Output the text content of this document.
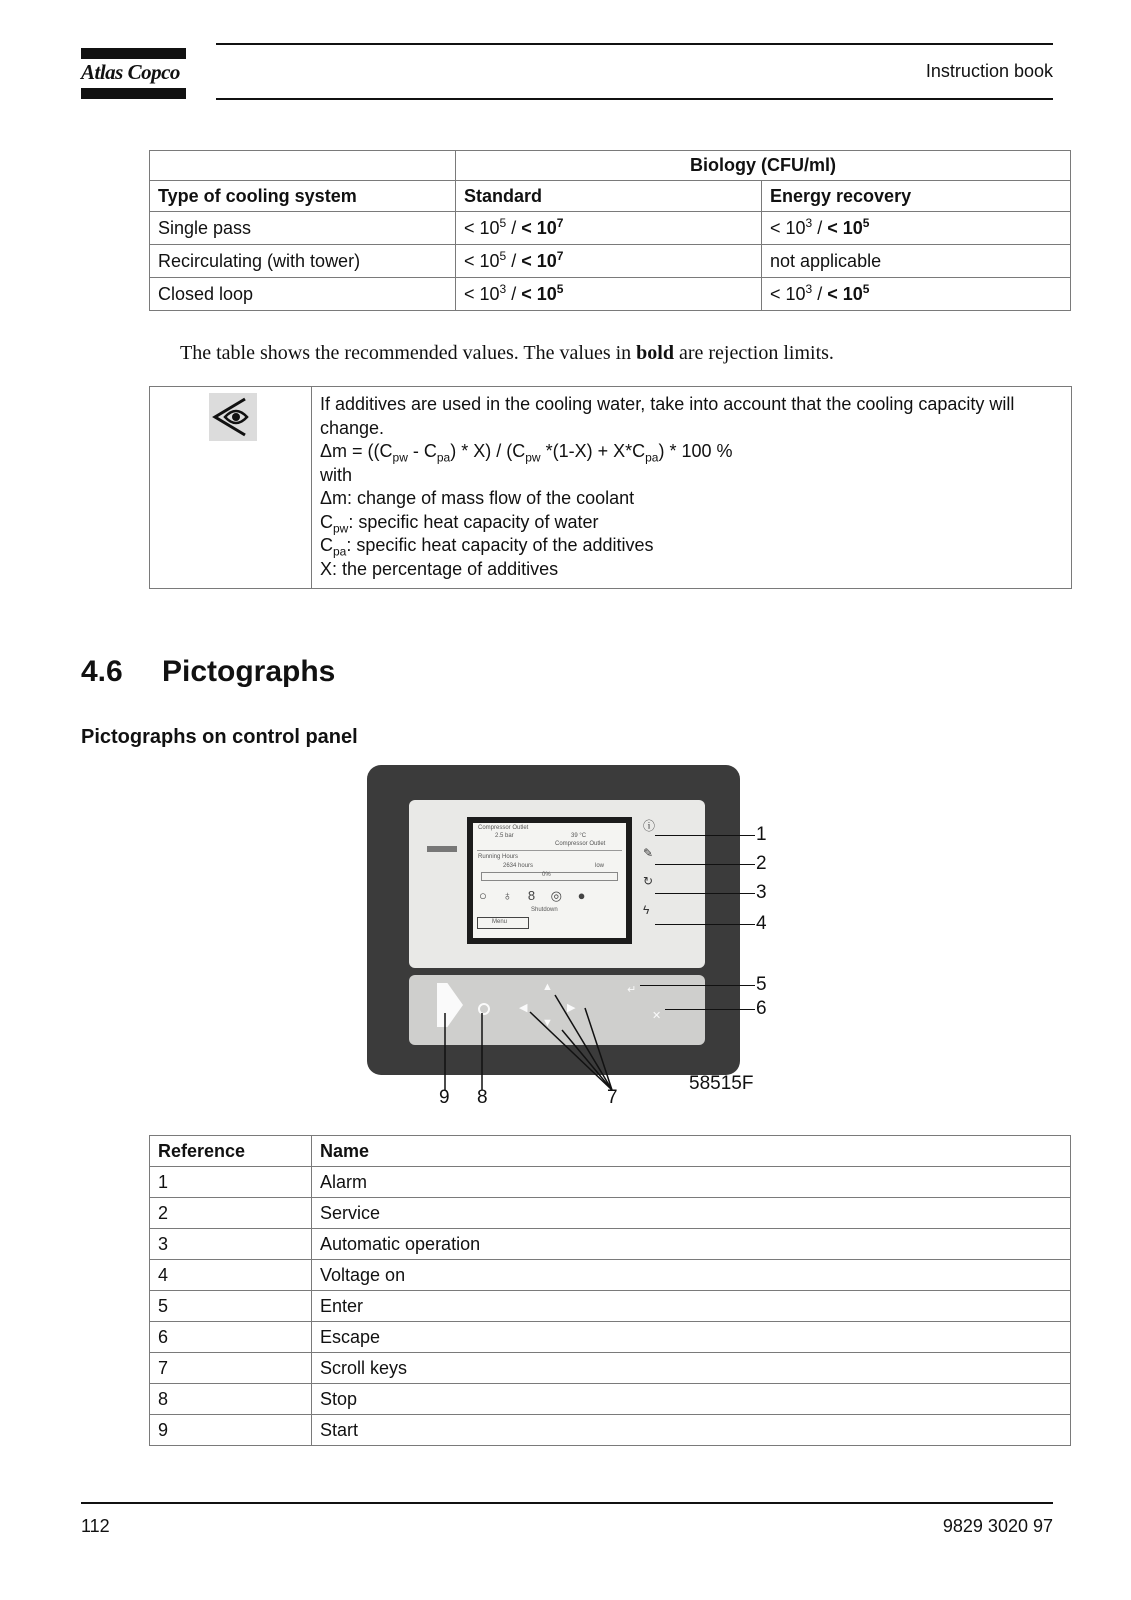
Atlas Copco	Instruction book
	Biology (CFU/ml)	
Type of cooling system	Standard	Energy recovery
Single pass	< $10^5$ / < $10^7$	< $10^3$ / < $10^5$
Recirculating (with tower)	< $10^5$ / < $10^7$	not applicable
Closed loop	< $10^3$ / < $10^5$	< $10^3$ / < $10^5$
The table shows the recommended values. The values in bold are rejection limits.
If additives are used in the cooling water, take into account that the cooling capacity will change.
$\Delta m = ((C_{pw} - C_{pa}) * X) / (C_{pw}$ $*(1-X) + X*C_{pa}) * 100$ %
with
Δm: change of mass flow of the coolant
$C_{pw}$: specific heat capacity of water
$C_{pa}$: specific heat capacity of the additives
X: the percentage of additives
4.6 Pictographs
Pictographs on control panel
Compressor Outlet
2.5 bar	39 °C
Compressor Outlet
Running Hours
2634 hours	low
0%
○ ♁ 8 ◎ ●
Shutdown
Menu
ⓘ
✎
↻
ϟ
◀
▲
▼
▶
↵
✕
1
2
3
4
5
6
9 8	7
58515F
Reference	Name
1	Alarm
2	Service
3	Automatic operation
4	Voltage on
5	Enter
6	Escape
7	Scroll keys
8	Stop
9	Start
112	9829 3020 97
